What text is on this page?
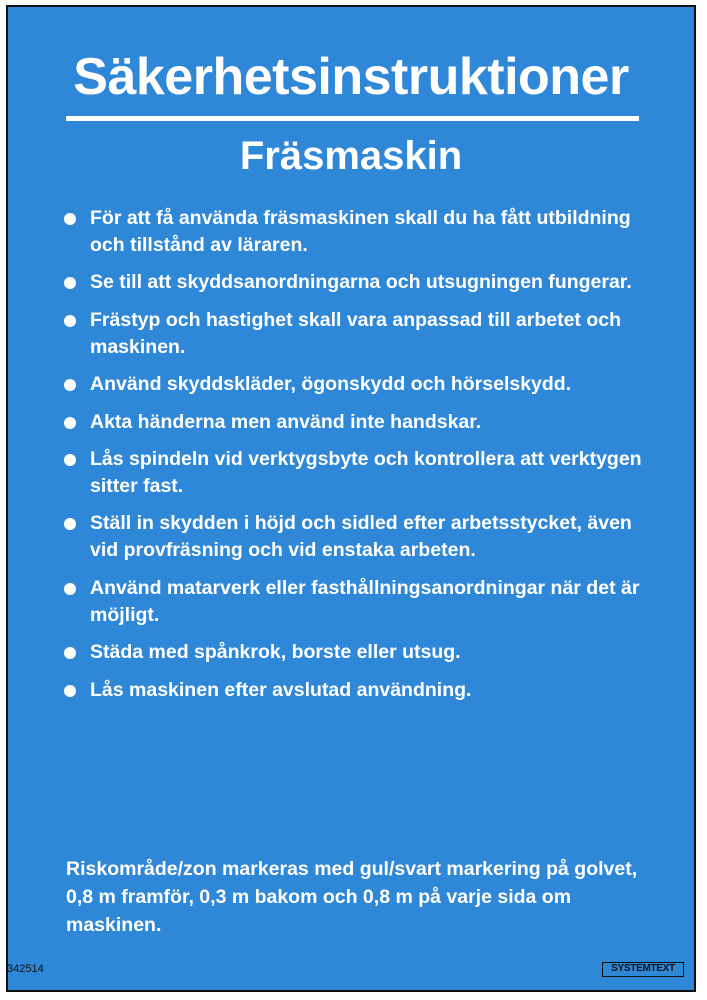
Säkerhetsinstruktioner
Fräsmaskin
För att få använda fräsmaskinen skall du ha fått utbildning och tillstånd av läraren.
Se till att skyddsanordningarna och utsugningen fungerar.
Frästyp och hastighet skall vara anpassad till arbetet och maskinen.
Använd skyddskläder, ögonskydd och hörselskydd.
Akta händerna men använd inte handskar.
Lås spindeln vid verktygsbyte och kontrollera att verktygen sitter fast.
Ställ in skydden i höjd och sidled efter arbetsstycket, även vid provfräsning och vid enstaka arbeten.
Använd matarverk eller fasthållningsanordningar när det är möjligt.
Städa med spånkrok, borste eller utsug.
Lås maskinen efter avslutad användning.
Riskområde/zon markeras med gul/svart markering på golvet, 0,8 m framför, 0,3 m bakom och 0,8 m på varje sida om maskinen.
342514	SYSTEMTEXT
